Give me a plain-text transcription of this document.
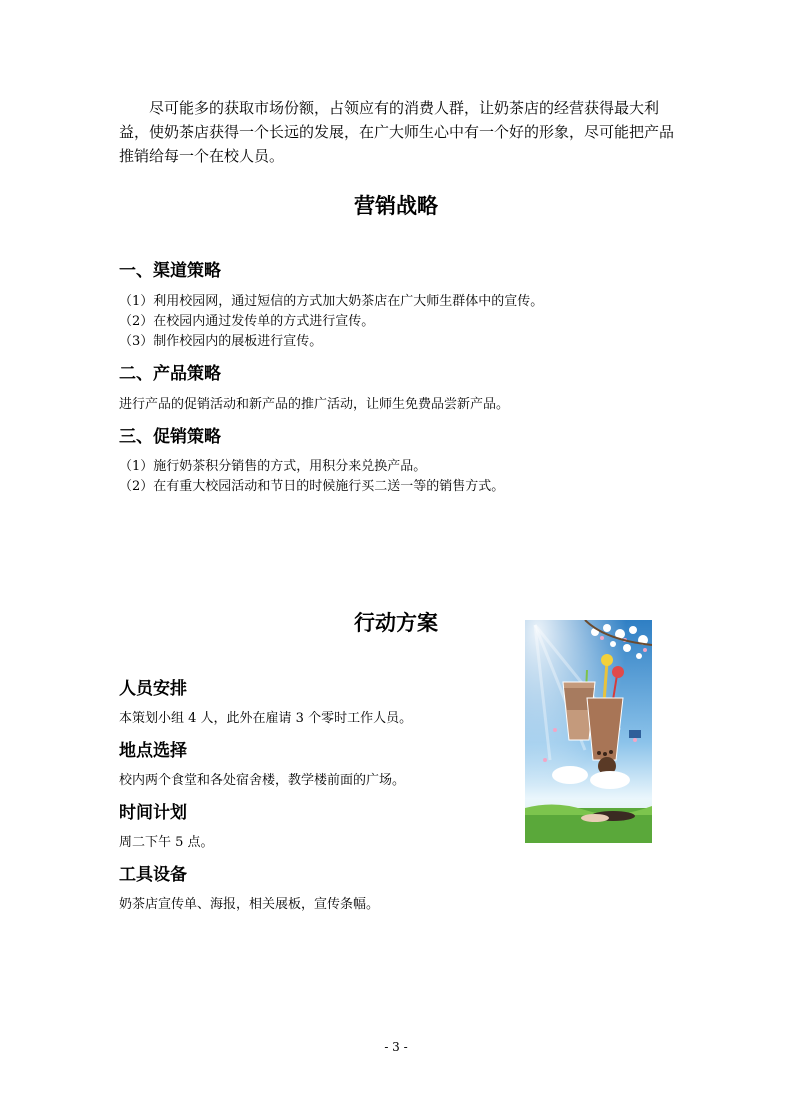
尽可能多的获取市场份额，占领应有的消费人群，让奶茶店的经营获得最大利益，使奶茶店获得一个长远的发展，在广大师生心中有一个好的形象，尽可能把产品推销给每一个在校人员。

营销战略
一、渠道策略

（1）利用校园网，通过短信的方式加大奶茶店在广大师生群体中的宣传。

（2）在校园内通过发传单的方式进行宣传。

（3）制作校园内的展板进行宣传。

二、产品策略

进行产品的促销活动和新产品的推广活动，让师生免费品尝新产品。

三、促销策略

（1）施行奶茶积分销售的方式，用积分来兑换产品。

（2）在有重大校园活动和节日的时候施行买二送一等的销售方式。

行动方案
人员安排

本策划小组 4 人，此外在雇请 3 个零时工作人员。

地点选择

校内两个食堂和各处宿舍楼，教学楼前面的广场。

时间计划

周二下午 5 点。

工具设备

奶茶店宣传单、海报，相关展板，宣传条幅。

- 3 -
